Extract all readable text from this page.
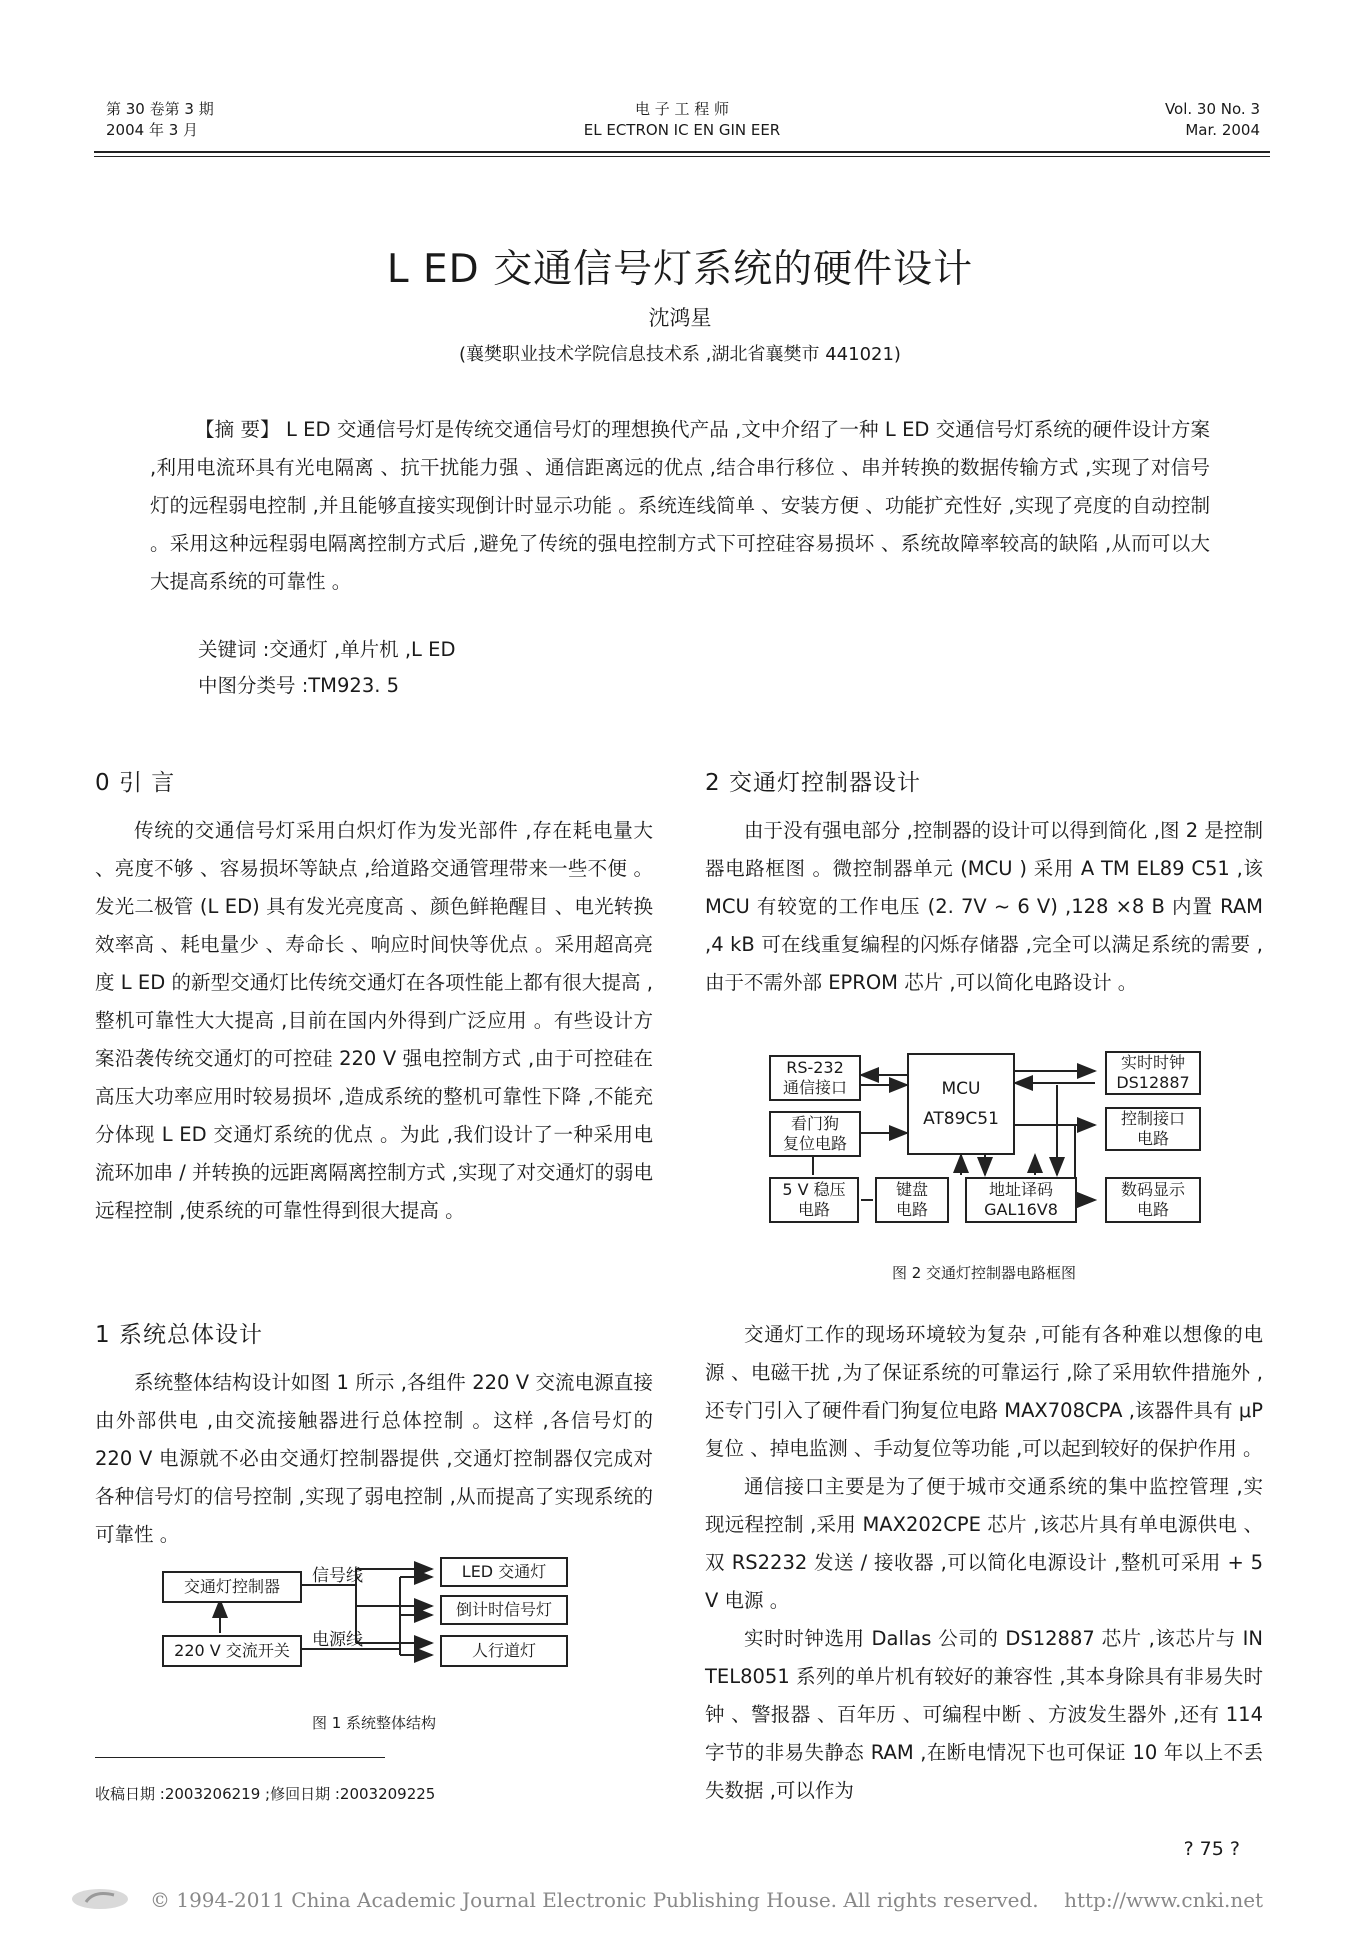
第 30 卷第 3 期
2004 年 3 月
电 子 工 程 师
EL ECTRON IC EN GIN EER
Vol. 30 No. 3
Mar. 2004
L ED 交通信号灯系统的硬件设计
沈鸿星
(襄樊职业技术学院信息技术系 ,湖北省襄樊市 441021)
【摘 要】 L ED 交通信号灯是传统交通信号灯的理想换代产品 ,文中介绍了一种 L ED 交通信号灯系统的硬件设计方案 ,利用电流环具有光电隔离 、抗干扰能力强 、通信距离远的优点 ,结合串行移位 、串并转换的数据传输方式 ,实现了对信号灯的远程弱电控制 ,并且能够直接实现倒计时显示功能 。系统连线简单 、安装方便 、功能扩充性好 ,实现了亮度的自动控制 。采用这种远程弱电隔离控制方式后 ,避免了传统的强电控制方式下可控硅容易损坏 、系统故障率较高的缺陷 ,从而可以大大提高系统的可靠性 。
关键词 :交通灯 ,单片机 ,L ED
中图分类号 :TM923. 5
0 引 言

传统的交通信号灯采用白炽灯作为发光部件 ,存在耗电量大 、亮度不够 、容易损坏等缺点 ,给道路交通管理带来一些不便 。发光二极管 (L ED) 具有发光亮度高 、颜色鲜艳醒目 、电光转换效率高 、耗电量少 、寿命长 、响应时间快等优点 。采用超高亮度 L ED 的新型交通灯比传统交通灯在各项性能上都有很大提高 ,整机可靠性大大提高 ,目前在国内外得到广泛应用 。有些设计方案沿袭传统交通灯的可控硅 220 V 强电控制方式 ,由于可控硅在高压大功率应用时较易损坏 ,造成系统的整机可靠性下降 ,不能充分体现 L ED 交通灯系统的优点 。为此 ,我们设计了一种采用电流环加串 / 并转换的远距离隔离控制方式 ,实现了对交通灯的弱电远程控制 ,使系统的可靠性得到很大提高 。

1 系统总体设计

系统整体结构设计如图 1 所示 ,各组件 220 V 交流电源直接由外部供电 ,由交流接触器进行总体控制 。这样 ,各信号灯的 220 V 电源就不必由交通灯控制器提供 ,交通灯控制器仅完成对各种信号灯的信号控制 ,实现了弱电控制 ,从而提高了实现系统的可靠性 。

交通灯控制器
220 V 交流开关
信号线
电源线
LED 交通灯
倒计时信号灯
人行道灯
图 1 系统整体结构
收稿日期 :2003206219 ;修回日期 :2003209225
2 交通灯控制器设计

由于没有强电部分 ,控制器的设计可以得到简化 ,图 2 是控制器电路框图 。微控制器单元 (MCU ) 采用 A TM EL89 C51 ,该 MCU 有较宽的工作电压 (2. 7V ~ 6 V) ,128 ×8 B 内置 RAM ,4 kB 可在线重复编程的闪烁存储器 ,完全可以满足系统的需要 ,由于不需外部 EPROM 芯片 ,可以简化电路设计 。

RS-232
通信接口
看门狗
复位电路
MCU
AT89C51
实时时钟
DS12887
控制接口
电路
5 V 稳压
电路
键盘
电路
地址译码
GAL16V8
数码显示
电路
图 2 交通灯控制器电路框图

交通灯工作的现场环境较为复杂 ,可能有各种难以想像的电源 、电磁干扰 ,为了保证系统的可靠运行 ,除了采用软件措施外 ,还专门引入了硬件看门狗复位电路 MAX708CPA ,该器件具有 μP 复位 、掉电监测 、手动复位等功能 ,可以起到较好的保护作用 。

通信接口主要是为了便于城市交通系统的集中监控管理 ,实现远程控制 ,采用 MAX202CPE 芯片 ,该芯片具有单电源供电 、双 RS2232 发送 / 接收器 ,可以简化电源设计 ,整机可采用 + 5 V 电源 。

实时时钟选用 Dallas 公司的 DS12887 芯片 ,该芯片与 IN TEL8051 系列的单片机有较好的兼容性 ,其本身除具有非易失时钟 、警报器 、百年历 、可编程中断 、方波发生器外 ,还有 114 字节的非易失静态 RAM ,在断电情况下也可保证 10 年以上不丢失数据 ,可以作为

? 75 ?
© 1994-2011 China Academic Journal Electronic Publishing House. All rights reserved.    http://www.cnki.net
